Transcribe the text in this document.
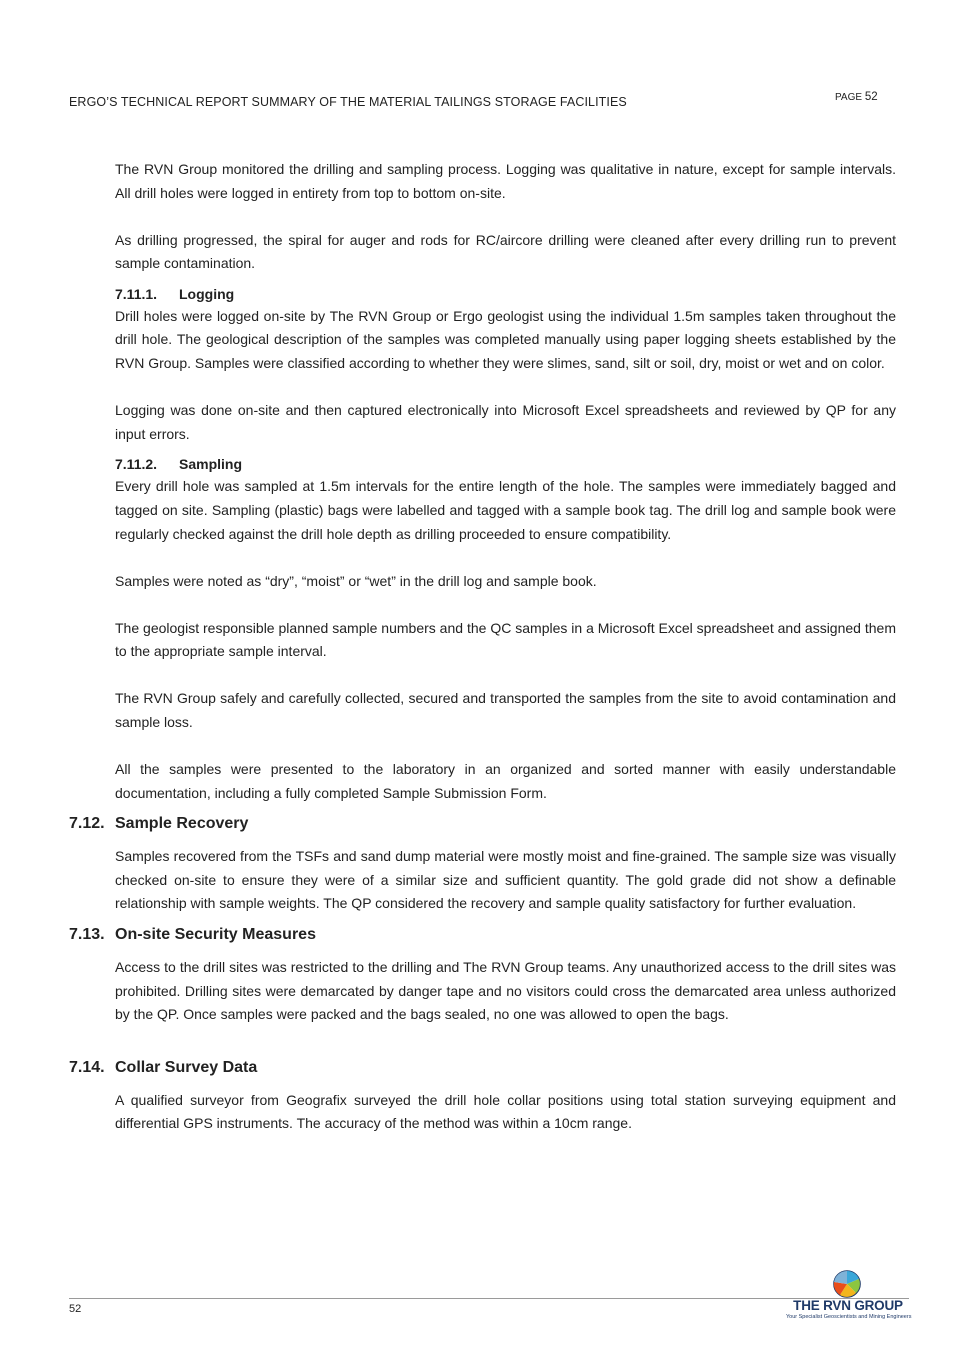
ERGO’S TECHNICAL REPORT SUMMARY OF THE MATERIAL TAILINGS STORAGE FACILITIES	PAGE 52

The RVN Group monitored the drilling and sampling process. Logging was qualitative in nature, except for sample intervals. All drill holes were logged in entirety from top to bottom on-site.

As drilling progressed, the spiral for auger and rods for RC/aircore drilling were cleaned after every drilling run to prevent sample contamination.

7.11.1. Logging

Drill holes were logged on-site by The RVN Group or Ergo geologist using the individual 1.5m samples taken throughout the drill hole. The geological description of the samples was completed manually using paper logging sheets established by the RVN Group. Samples were classified according to whether they were slimes, sand, silt or soil, dry, moist or wet and on color.

Logging was done on-site and then captured electronically into Microsoft Excel spreadsheets and reviewed by QP for any input errors.

7.11.2. Sampling

Every drill hole was sampled at 1.5m intervals for the entire length of the hole. The samples were immediately bagged and tagged on site. Sampling (plastic) bags were labelled and tagged with a sample book tag. The drill log and sample book were regularly checked against the drill hole depth as drilling proceeded to ensure compatibility.

Samples were noted as “dry”, “moist” or “wet” in the drill log and sample book.

The geologist responsible planned sample numbers and the QC samples in a Microsoft Excel spreadsheet and assigned them to the appropriate sample interval.

The RVN Group safely and carefully collected, secured and transported the samples from the site to avoid contamination and sample loss.

All the samples were presented to the laboratory in an organized and sorted manner with easily understandable documentation, including a fully completed Sample Submission Form.

7.12. Sample Recovery

Samples recovered from the TSFs and sand dump material were mostly moist and fine-grained. The sample size was visually checked on-site to ensure they were of a similar size and sufficient quantity. The gold grade did not show a definable relationship with sample weights. The QP considered the recovery and sample quality satisfactory for further evaluation.

7.13. On-site Security Measures

Access to the drill sites was restricted to the drilling and The RVN Group teams. Any unauthorized access to the drill sites was prohibited. Drilling sites were demarcated by danger tape and no visitors could cross the demarcated area unless authorized by the QP. Once samples were packed and the bags sealed, no one was allowed to open the bags.

7.14. Collar Survey Data

A qualified surveyor from Geografix surveyed the drill hole collar positions using total station surveying equipment and differential GPS instruments. The accuracy of the method was within a 10cm range.

52	THE RVN GROUP
Your Specialist Geoscientists and Mining Engineers
